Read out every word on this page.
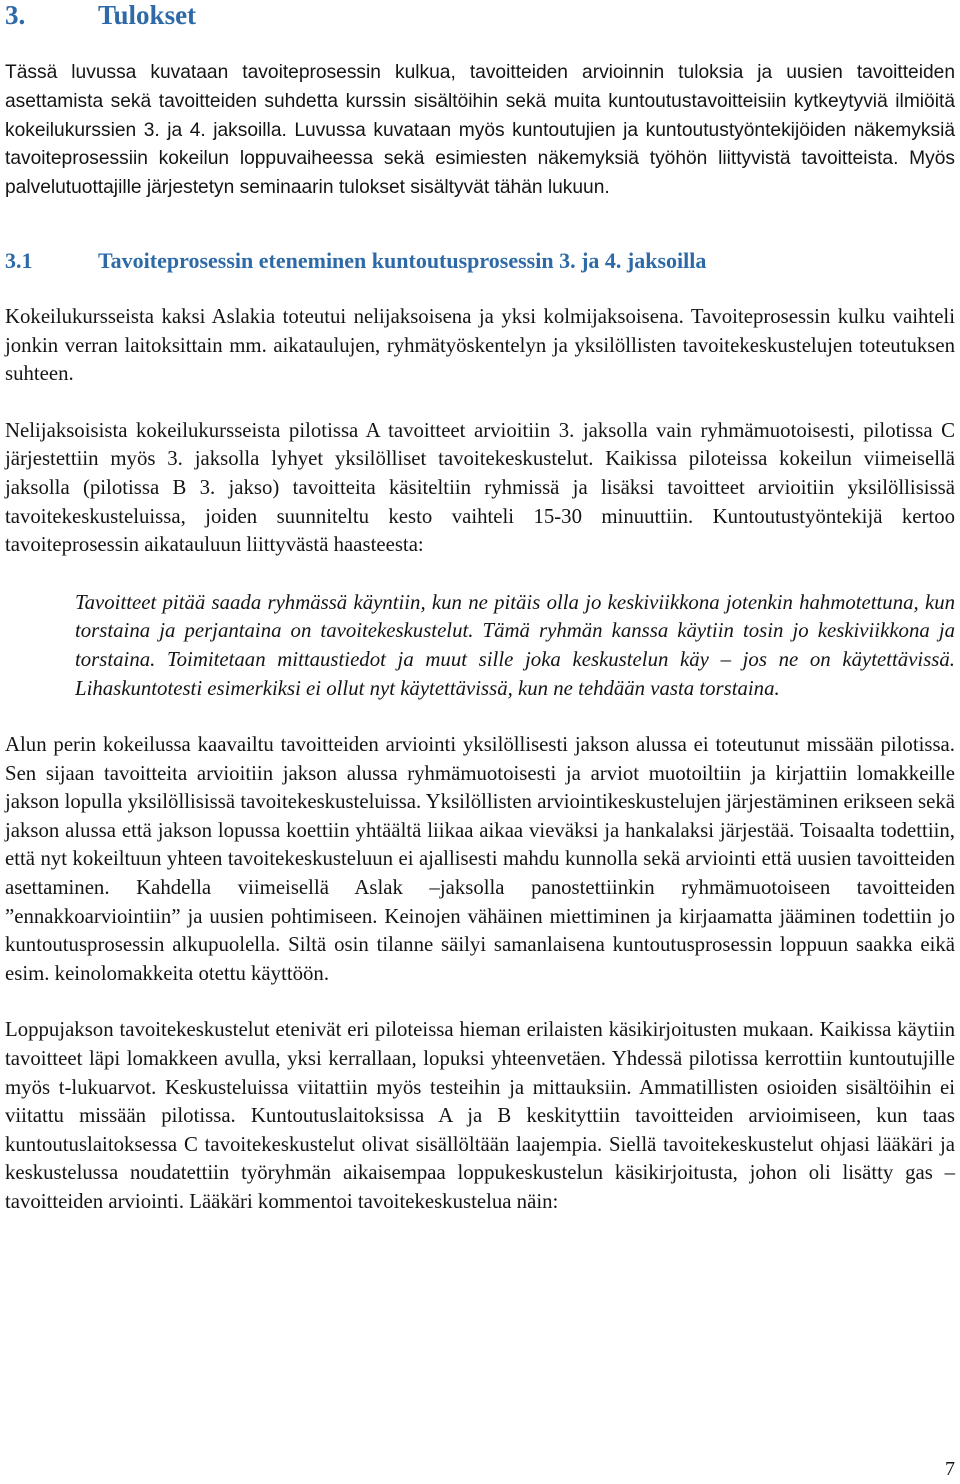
3.	Tulokset

Tässä luvussa kuvataan tavoiteprosessin kulkua, tavoitteiden arvioinnin tuloksia ja uusien tavoitteiden asettamista sekä tavoitteiden suhdetta kurssin sisältöihin sekä muita kuntoutustavoitteisiin kytkeytyviä ilmiöitä kokeilukurssien 3. ja 4. jaksoilla. Luvussa kuvataan myös kuntoutujien ja kuntoutustyöntekijöiden näkemyksiä tavoiteprosessiin kokeilun loppuvaiheessa sekä esimiesten näkemyksiä työhön liittyvistä tavoitteista. Myös palvelutuottajille järjestetyn seminaarin tulokset sisältyvät tähän lukuun.

3.1	Tavoiteprosessin eteneminen kuntoutusprosessin 3. ja 4. jaksoilla

Kokeilukursseista kaksi Aslakia toteutui nelijaksoisena ja yksi kolmijaksoisena. Tavoiteprosessin kulku vaihteli jonkin verran laitoksittain mm. aikataulujen, ryhmätyöskentelyn ja yksilöllisten tavoitekeskustelujen toteutuksen suhteen.

Nelijaksoisista kokeilukursseista pilotissa A tavoitteet arvioitiin 3. jaksolla vain ryhmämuotoisesti, pilotissa C järjestettiin myös 3. jaksolla lyhyet yksilölliset tavoitekeskustelut. Kaikissa piloteissa kokeilun viimeisellä jaksolla (pilotissa B 3. jakso) tavoitteita käsiteltiin ryhmissä ja lisäksi tavoitteet arvioitiin yksilöllisissä tavoitekeskusteluissa, joiden suunniteltu kesto vaihteli 15-30 minuuttiin. Kuntoutustyöntekijä kertoo tavoiteprosessin aikatauluun liittyvästä haasteesta:

Tavoitteet pitää saada ryhmässä käyntiin, kun ne pitäis olla jo keskiviikkona jotenkin hahmotettuna, kun torstaina ja perjantaina on tavoitekeskustelut. Tämä ryhmän kanssa käytiin tosin jo keskiviikkona ja torstaina. Toimitetaan mittaustiedot ja muut sille joka keskustelun käy – jos ne on käytettävissä. Lihaskuntotesti esimerkiksi ei ollut nyt käytettävissä, kun ne tehdään vasta torstaina.

Alun perin kokeilussa kaavailtu tavoitteiden arviointi yksilöllisesti jakson alussa ei toteutunut missään pilotissa. Sen sijaan tavoitteita arvioitiin jakson alussa ryhmämuotoisesti ja arviot muotoiltiin ja kirjattiin lomakkeille jakson lopulla yksilöllisissä tavoitekeskusteluissa. Yksilöllisten arviointikeskustelujen järjestäminen erikseen sekä jakson alussa että jakson lopussa koettiin yhtäältä liikaa aikaa vieväksi ja hankalaksi järjestää. Toisaalta todettiin, että nyt kokeiltuun yhteen tavoitekeskusteluun ei ajallisesti mahdu kunnolla sekä arviointi että uusien tavoitteiden asettaminen. Kahdella viimeisellä Aslak –jaksolla panostettiinkin ryhmämuotoiseen tavoitteiden ”ennakkoarviointiin” ja uusien pohtimiseen. Keinojen vähäinen miettiminen ja kirjaamatta jääminen todettiin jo kuntoutusprosessin alkupuolella. Siltä osin tilanne säilyi samanlaisena kuntoutusprosessin loppuun saakka eikä esim. keinolomakkeita otettu käyttöön.

Loppujakson tavoitekeskustelut etenivät eri piloteissa hieman erilaisten käsikirjoitusten mukaan. Kaikissa käytiin tavoitteet läpi lomakkeen avulla, yksi kerrallaan, lopuksi yhteenvetäen. Yhdessä pilotissa kerrottiin kuntoutujille myös t-lukuarvot. Keskusteluissa viitattiin myös testeihin ja mittauksiin. Ammatillisten osioiden sisältöihin ei viitattu missään pilotissa. Kuntoutuslaitoksissa A ja B keskityttiin tavoitteiden arvioimiseen, kun taas kuntoutuslaitoksessa C tavoitekeskustelut olivat sisällöltään laajempia. Siellä tavoitekeskustelut ohjasi lääkäri ja keskustelussa noudatettiin työryhmän aikaisempaa loppukeskustelun käsikirjoitusta, johon oli lisätty gas –tavoitteiden arviointi. Lääkäri kommentoi tavoitekeskustelua näin:

7
